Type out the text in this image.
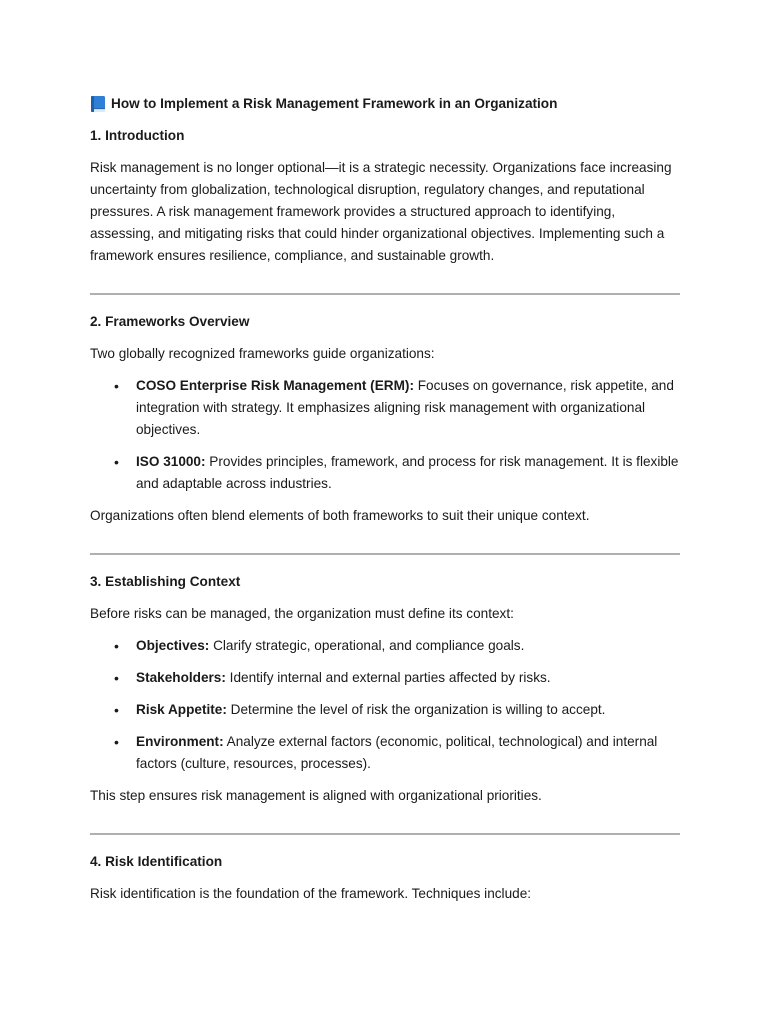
How to Implement a Risk Management Framework in an Organization
1. Introduction

Risk management is no longer optional—it is a strategic necessity. Organizations face increasing uncertainty from globalization, technological disruption, regulatory changes, and reputational pressures. A risk management framework provides a structured approach to identifying, assessing, and mitigating risks that could hinder organizational objectives. Implementing such a framework ensures resilience, compliance, and sustainable growth.

2. Frameworks Overview

Two globally recognized frameworks guide organizations:

• COSO Enterprise Risk Management (ERM): Focuses on governance, risk appetite, and integration with strategy. It emphasizes aligning risk management with organizational objectives.
• ISO 31000: Provides principles, framework, and process for risk management. It is flexible and adaptable across industries.

Organizations often blend elements of both frameworks to suit their unique context.

3. Establishing Context

Before risks can be managed, the organization must define its context:

• Objectives: Clarify strategic, operational, and compliance goals.
• Stakeholders: Identify internal and external parties affected by risks.
• Risk Appetite: Determine the level of risk the organization is willing to accept.
• Environment: Analyze external factors (economic, political, technological) and internal factors (culture, resources, processes).

This step ensures risk management is aligned with organizational priorities.

4. Risk Identification

Risk identification is the foundation of the framework. Techniques include:
